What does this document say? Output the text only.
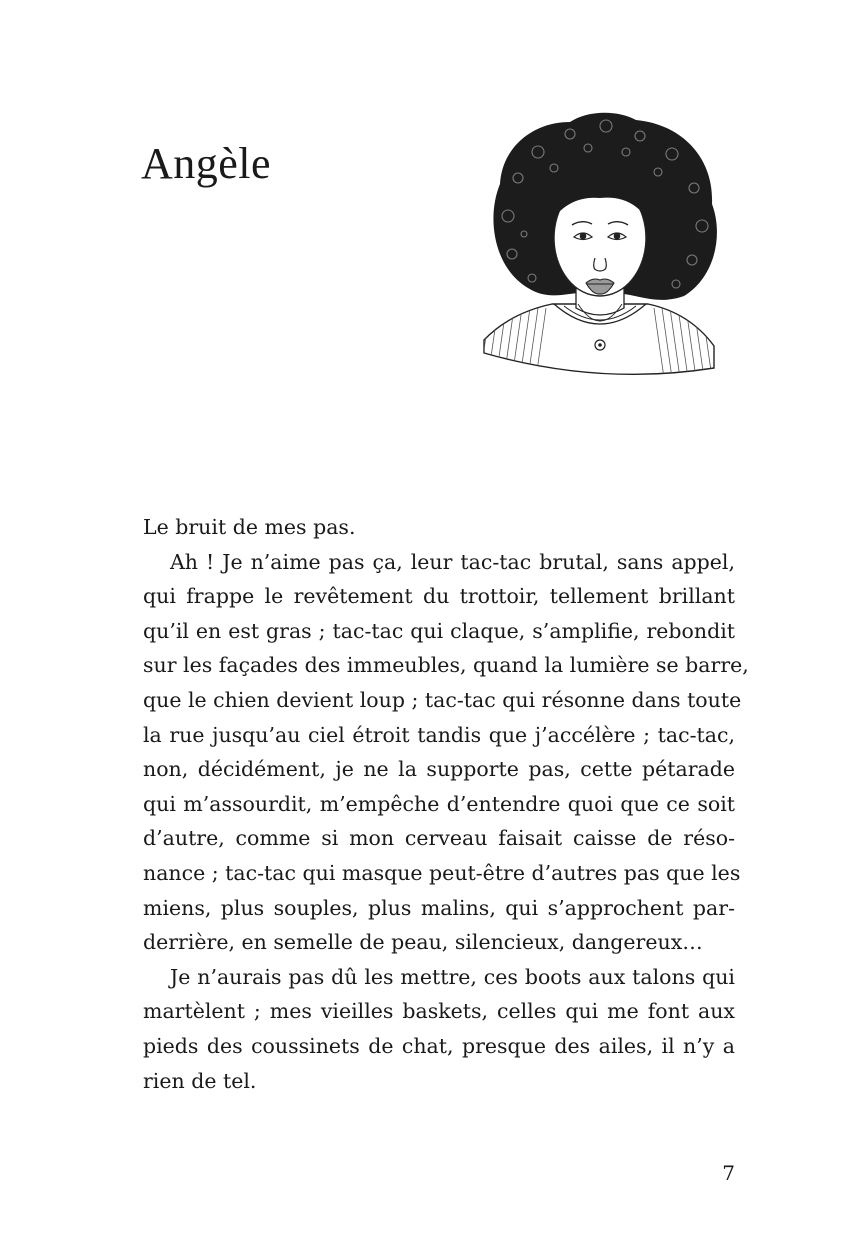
Angèle
Le bruit de mes pas.
Ah ! Je n’aime pas ça, leur tac-tac brutal, sans appel,
qui frappe le revêtement du trottoir, tellement brillant
qu’il en est gras ; tac-tac qui claque, s’amplifie, rebondit
sur les façades des immeubles, quand la lumière se barre,
que le chien devient loup ; tac-tac qui résonne dans toute
la rue jusqu’au ciel étroit tandis que j’accélère ; tac-tac,
non, décidément, je ne la supporte pas, cette pétarade
qui m’assourdit, m’empêche d’entendre quoi que ce soit
d’autre, comme si mon cerveau faisait caisse de réso-
nance ; tac-tac qui masque peut-être d’autres pas que les
miens, plus souples, plus malins, qui s’approchent par-
derrière, en semelle de peau, silencieux, dangereux…
Je n’aurais pas dû les mettre, ces boots aux talons qui
martèlent ; mes vieilles baskets, celles qui me font aux
pieds des coussinets de chat, presque des ailes, il n’y a
rien de tel.
7
